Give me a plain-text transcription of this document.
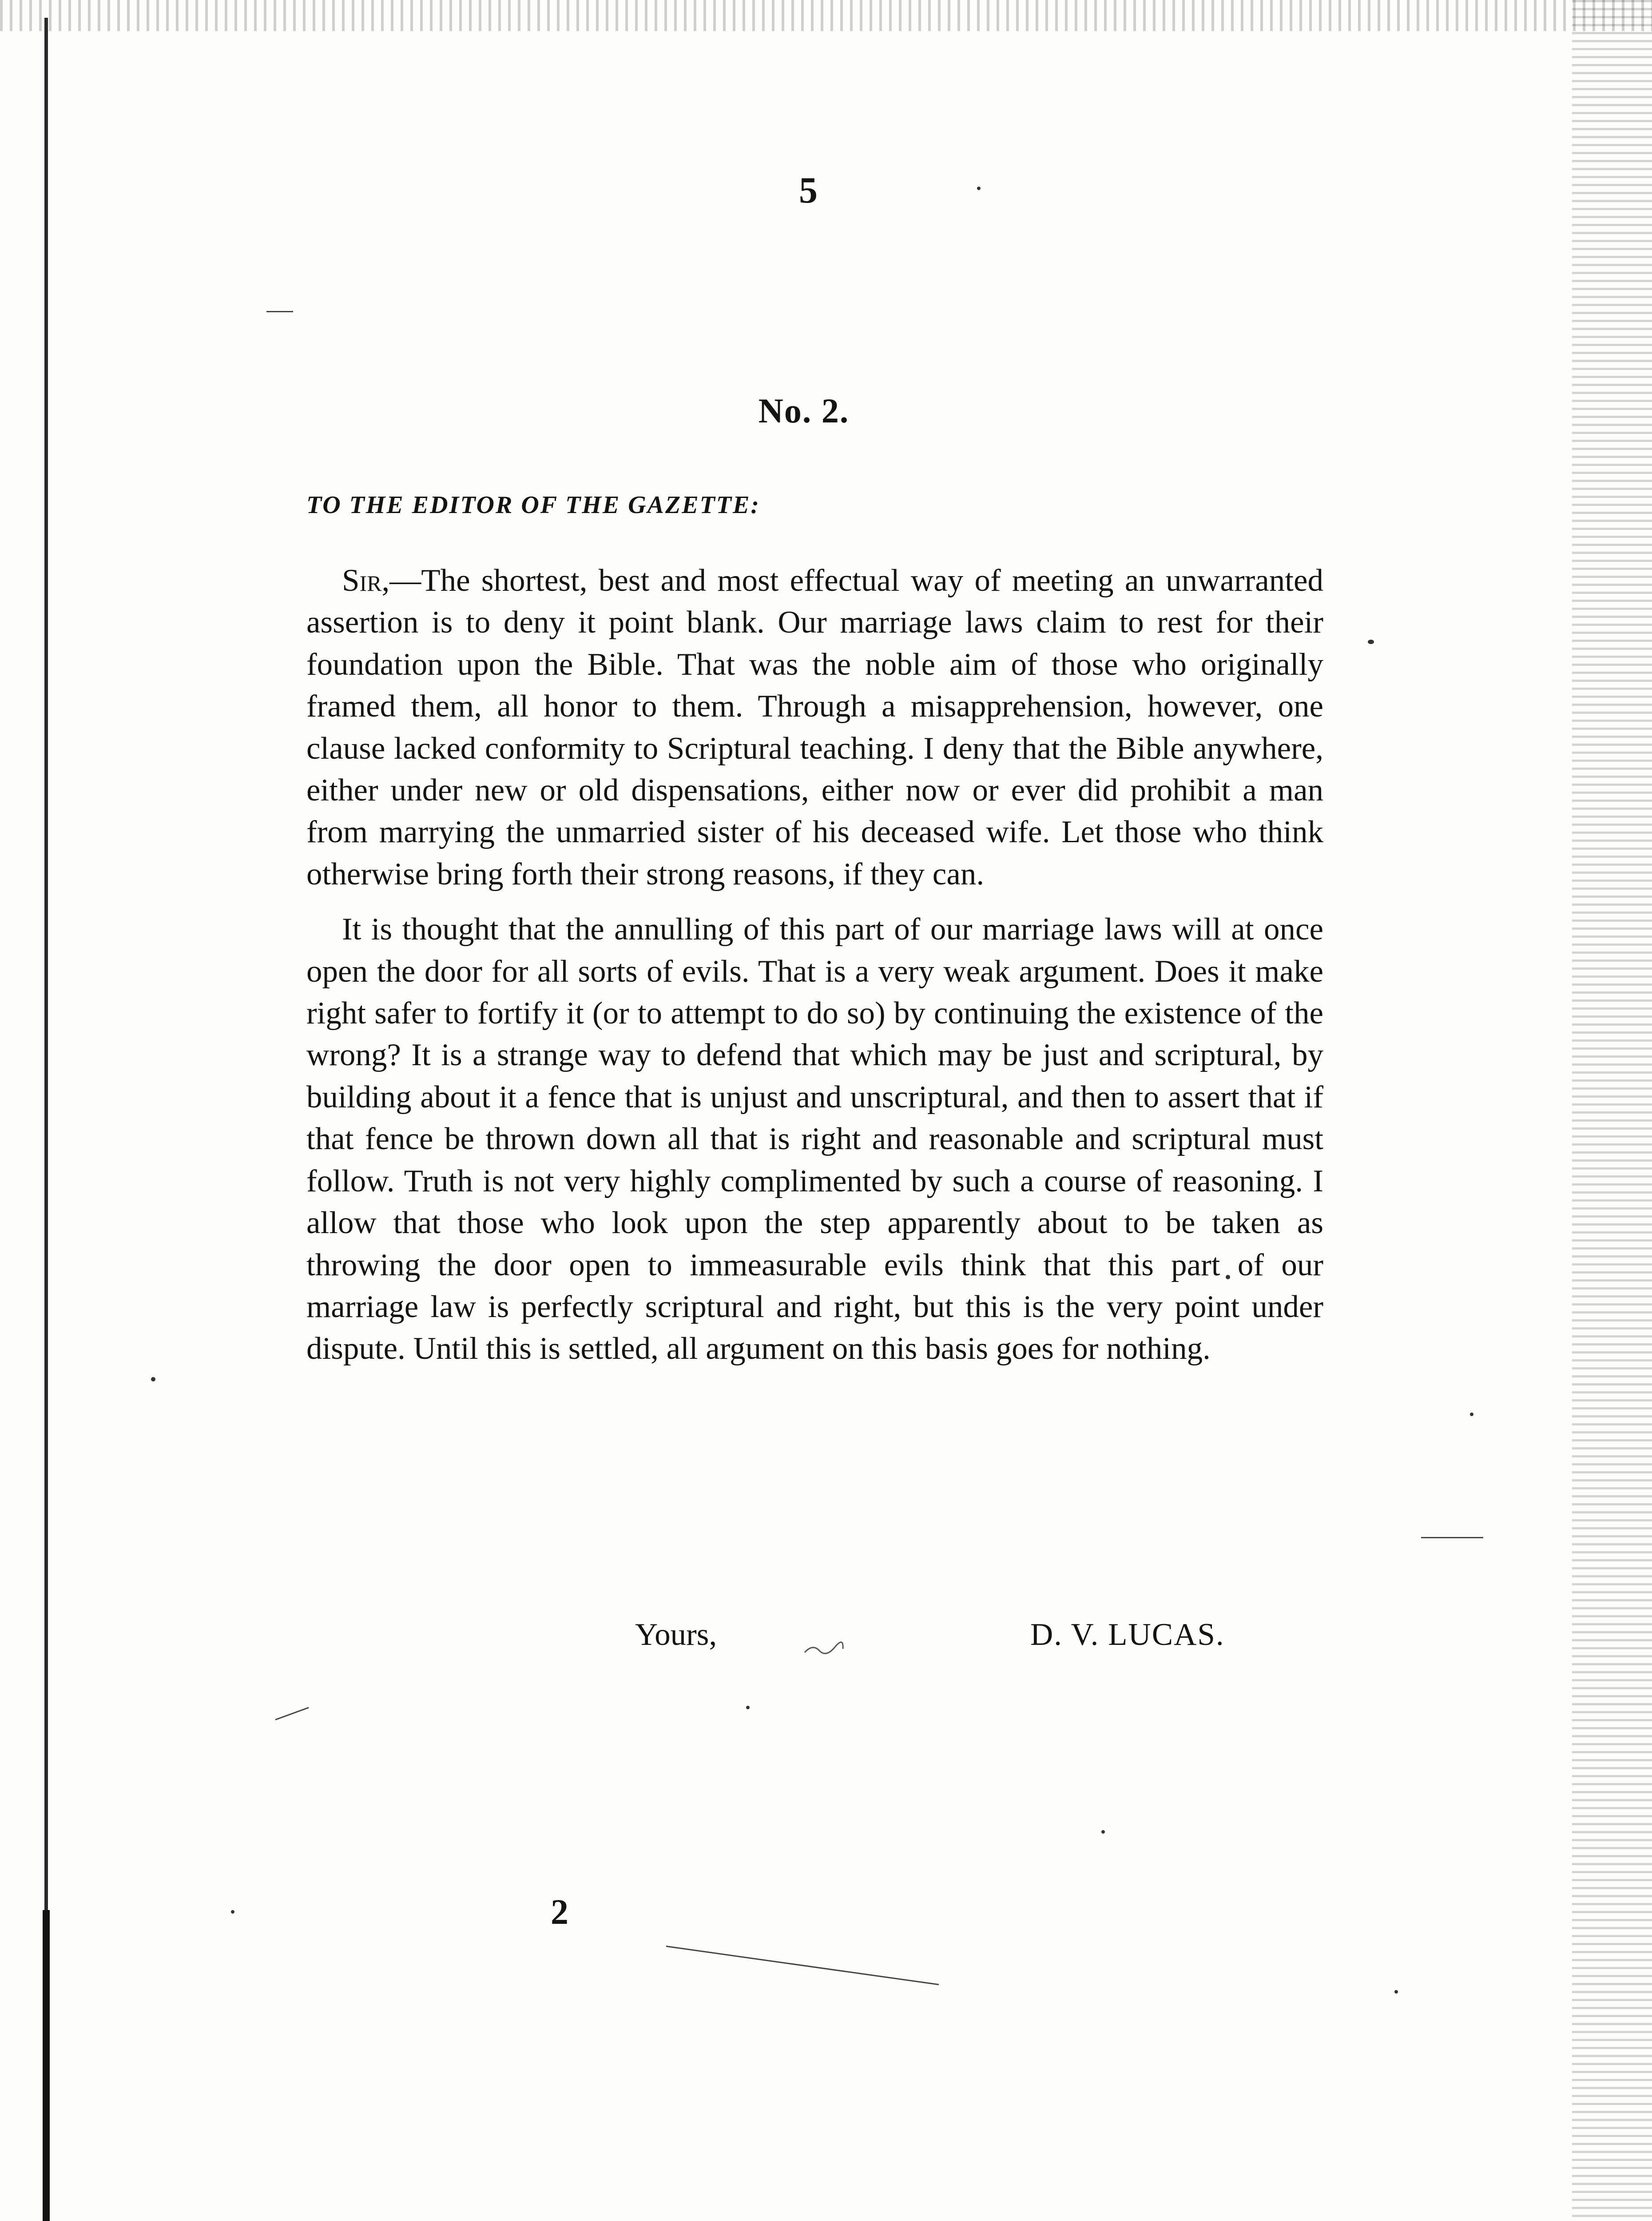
5
No. 2.
TO THE EDITOR OF THE GAZETTE:

Sir,—The shortest, best and most effectual way of meeting an unwarranted assertion is to deny it point blank. Our marriage laws claim to rest for their foundation upon the Bible. That was the noble aim of those who originally framed them, all honor to them. Through a misapprehension, however, one clause lacked conformity to Scriptural teaching. I deny that the Bible anywhere, either under new or old dispensations, either now or ever did prohibit a man from marrying the unmarried sister of his deceased wife. Let those who think otherwise bring forth their strong reasons, if they can.

It is thought that the annulling of this part of our marriage laws will at once open the door for all sorts of evils. That is a very weak argument. Does it make right safer to fortify it (or to attempt to do so) by continuing the existence of the wrong? It is a strange way to defend that which may be just and scriptural, by building about it a fence that is unjust and unscriptural, and then to assert that if that fence be thrown down all that is right and reasonable and scriptural must follow. Truth is not very highly complimented by such a course of reasoning. I allow that those who look upon the step apparently about to be taken as throwing the door open to immeasurable evils think that this part of our marriage law is perfectly scriptural and right, but this is the very point under dispute. Until this is settled, all argument on this basis goes for nothing.

Yours,	D. V. LUCAS.
2
